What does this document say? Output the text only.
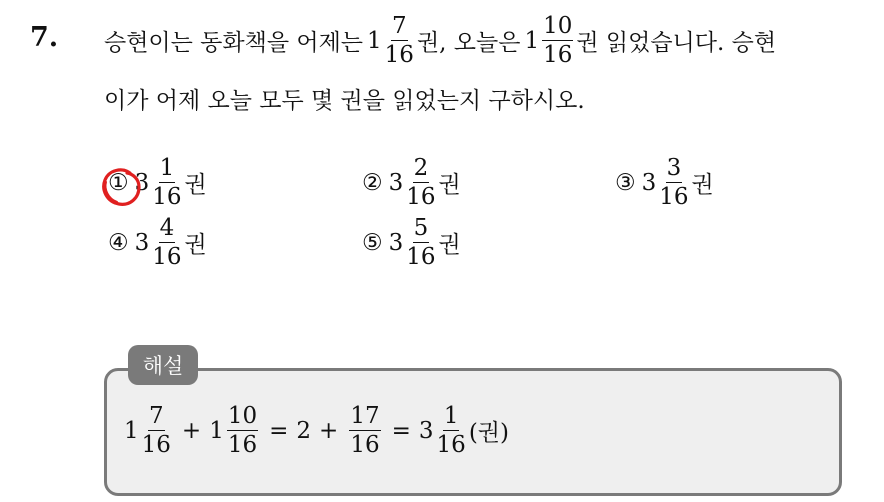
7. 승현이는 동화책을 어제는 $1 \frac{7}{16}$ 권, 오늘은 $1 \frac{10}{16}$ 권 읽었습니다. 승현
이가 어제 오늘 모두 몇 권을 읽었는지 구하시오.
① $3 \frac{1}{16}$ 권	② $3 \frac{2}{16}$ 권	③ $3 \frac{3}{16}$ 권
④ $3 \frac{4}{16}$ 권	⑤ $3 \frac{5}{16}$ 권
해설
$1 \frac{7}{16} + 1 \frac{10}{16} = 2 + \frac{17}{16} = 3 \frac{1}{16}$ (권)
